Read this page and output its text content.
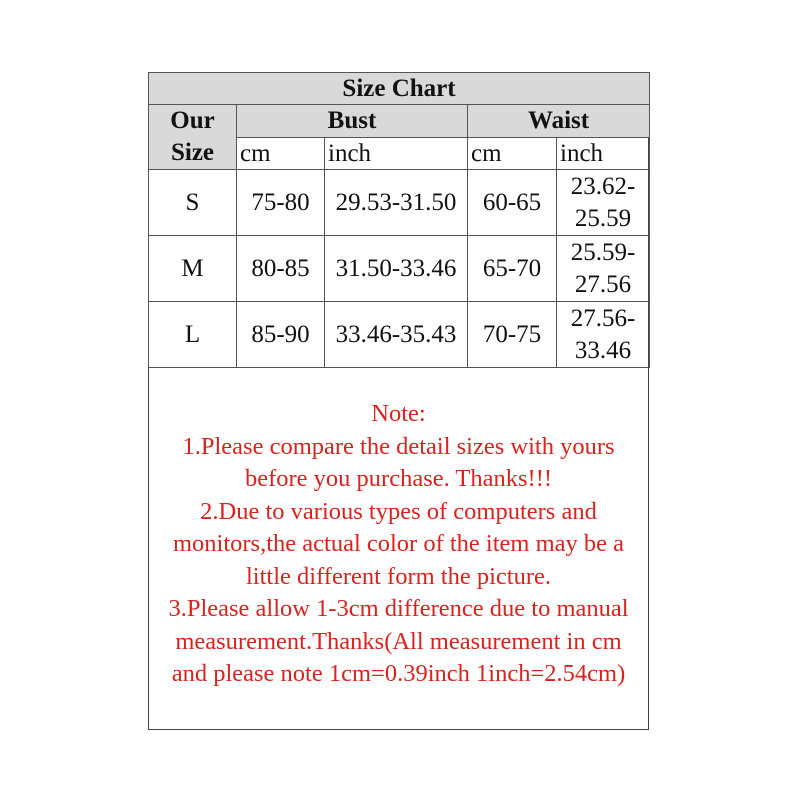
Size Chart				

Our
Size	Bust		Waist	
	cm	inch	cm	inch
S	75-80	29.53-31.50	60-65	23.62-
25.59

M	80-85	31.50-33.46	65-70	25.59-
27.56

L	85-90	33.46-35.43	70-75	27.56-
33.46
Note:
1.Please compare the detail sizes with yours
before you purchase. Thanks!!!
2.Due to various types of computers and
monitors,the actual color of the item may be a
little different form the picture.
3.Please allow 1-3cm difference due to manual
measurement.Thanks(All measurement in cm
and please note 1cm=0.39inch 1inch=2.54cm)
